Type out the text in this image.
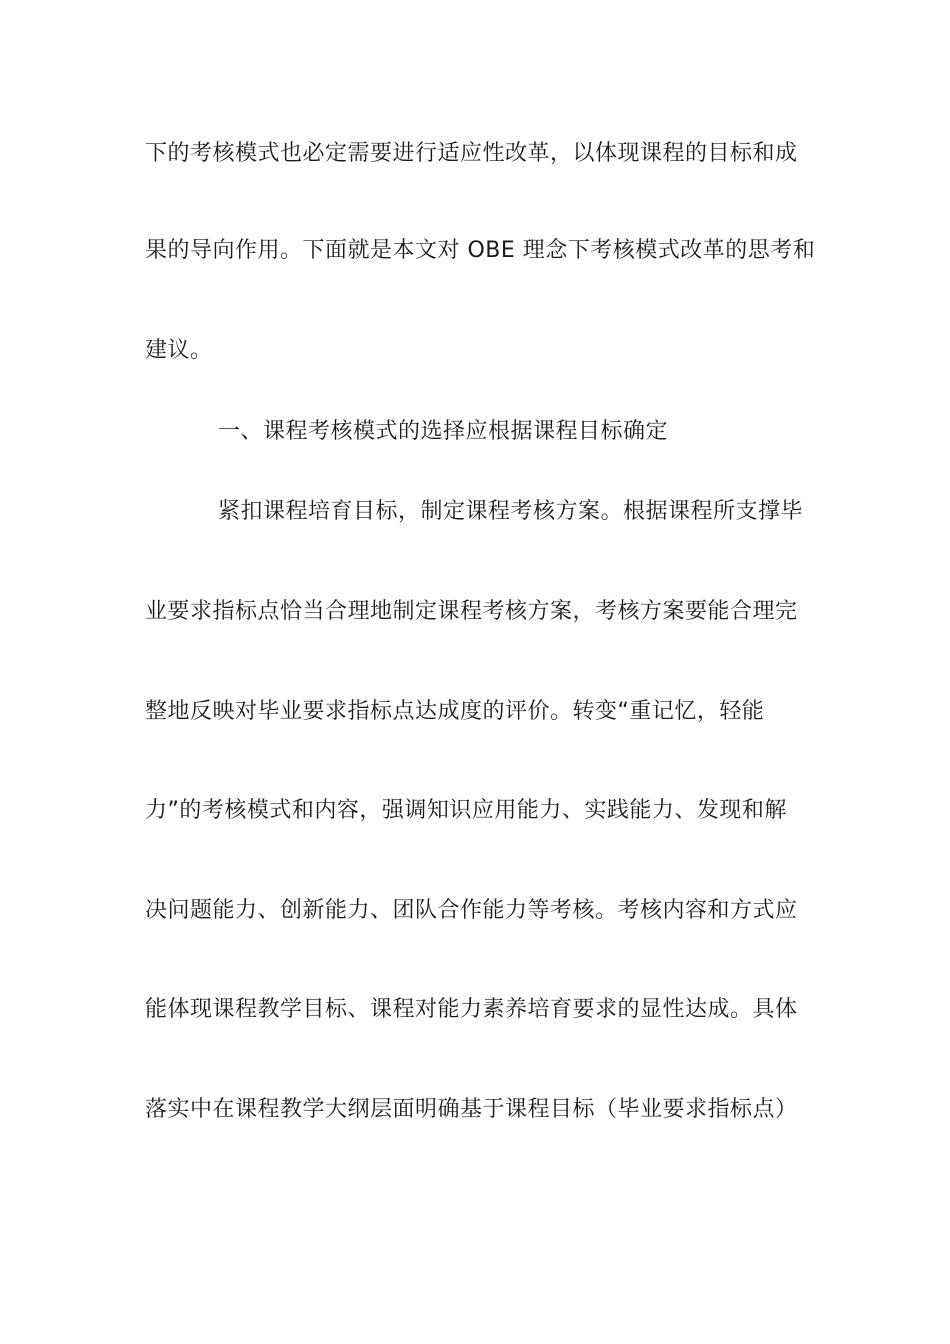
下的考核模式也必定需要进行适应性改革，以体现课程的目标和成
果的导向作用。下面就是本文对 OBE 理念下考核模式改革的思考和
建议。
一、课程考核模式的选择应根据课程目标确定
紧扣课程培育目标，制定课程考核方案。根据课程所支撑毕
业要求指标点恰当合理地制定课程考核方案，考核方案要能合理完
整地反映对毕业要求指标点达成度的评价。转变“重记忆，轻能
力”的考核模式和内容，强调知识应用能力、实践能力、发现和解
决问题能力、创新能力、团队合作能力等考核。考核内容和方式应
能体现课程教学目标、课程对能力素养培育要求的显性达成。具体
落实中在课程教学大纲层面明确基于课程目标（毕业要求指标点）
